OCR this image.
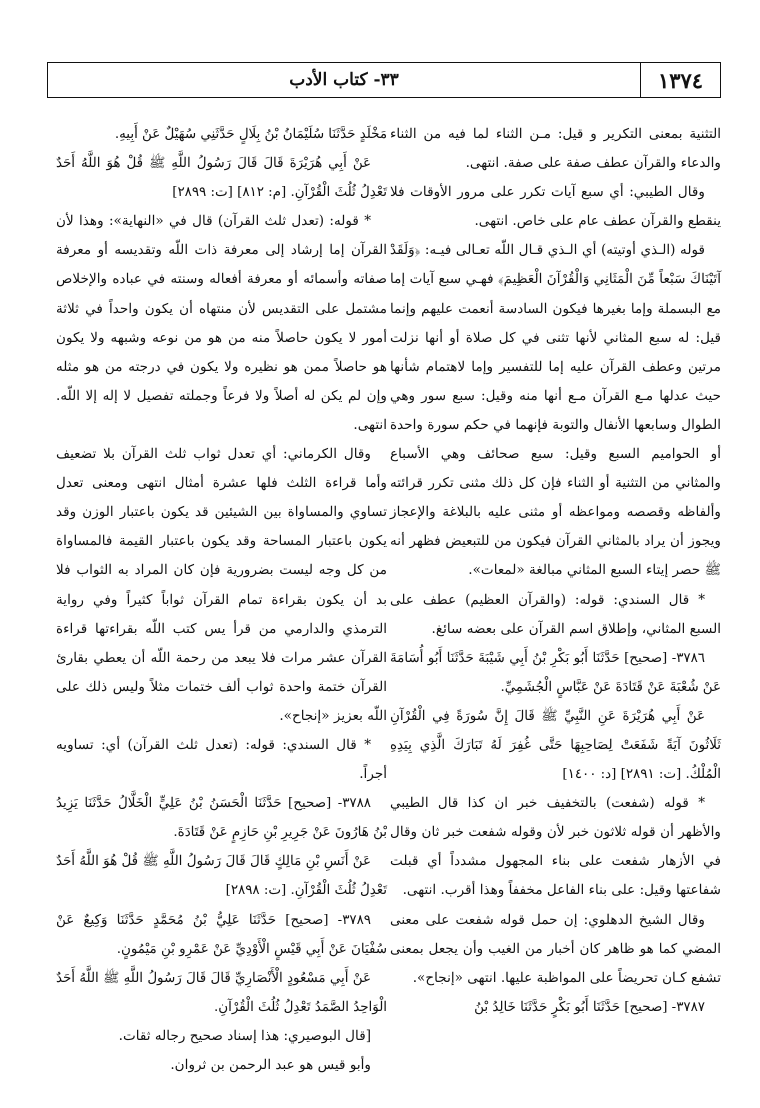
١٣٧٤
٣٣- كتاب الأدب

التثنية بمعنى التكرير و قيل: مـن الثناء لما فيه من الثناء والدعاء والقرآن عطف صفة على صفة. انتهى.

وقال الطيبي: أي سبع آيات تكرر على مرور الأوقات فلا ينقطع والقرآن عطف عام على خاص. انتهى.

قوله (الـذي أوتيته) أي الـذي قـال اللّه تعـالى فيـه: ﴿وَلَقَدْ آتَيْنَاكَ سَبْعاً مِّنَ الْمَثَانِي وَالْقُرْآنَ الْعَظِيمَ﴾ فهـي سبع آيات إما مع البسملة وإما بغيرها فيكون السادسة أنعمت عليهم وإنما قيل: له سبع المثاني لأنها تثنى في كل صلاة أو أنها نزلت مرتين وعطف القرآن عليه إما للتفسير وإما لاهتمام شأنها حيث عدلها مـع القرآن مـع أنها منه وقيل: سبع سور وهي الطوال وسابعها الأنفال والتوبة فإنهما في حكم سورة واحدة أو الحواميم السبع وقيل: سبع صحائف وهي الأسباع والمثاني من التثنية أو الثناء فإن كل ذلك مثنى تكرر قرائته وألفاظه وقصصه ومواعظه أو مثنى عليه بالبلاغة والإعجاز ويجوز أن يراد بالمثاني القرآن فيكون من للتبعيض فظهر أنه ﷺ حصر إيتاء السبع المثاني مبالغة «لمعات».

* قال السندي: قوله: (والقرآن العظيم) عطف على السبع المثاني، وإطلاق اسم القرآن على بعضه سائغ.

٣٧٨٦- [صحيح] حَدَّثَنَا أَبُو بَكْرِ بْنُ أَبِي شَيْبَةَ حَدَّثَنَا أَبُو أُسَامَةَ عَنْ شُعْبَةَ عَنْ قَتَادَةَ عَنْ عَبَّاسٍ الْجُشَمِيِّ.

عَنْ أَبِي هُرَيْرَةَ عَنِ النَّبِيِّ ﷺ قَالَ إِنَّ سُورَةً فِي الْقُرْآنِ ثَلَاثُونَ آيَةً شَفَعَتْ لِصَاحِبِهَا حَتَّى غُفِرَ لَهُ تَبَارَكَ الَّذِي بِيَدِهِ الْمُلْكُ. [ت: ٢٨٩١] [د: ١٤٠٠]

* قوله (شفعت) بالتخفيف خبر ان كذا قال الطيبي والأظهر أن قوله ثلاثون خبر لأن وقوله شفعت خبر ثان وقال في الأزهار شفعت على بناء المجهول مشدداً أي قبلت شفاعتها وقيل: على بناء الفاعل مخففاً وهذا أقرب. انتهى.

وقال الشيخ الدهلوي: إن حمل قوله شفعت على معنى المضي كما هو ظاهر كان أخبار من الغيب وأن يجعل بمعنى تشفع كـان تحريضاً على المواظبة عليها. انتهى «إنجاح».

٣٧٨٧- [صحيح] حَدَّثَنَا أَبُو بَكْرٍ حَدَّثَنَا خَالِدُ بْنُ

مَخْلَدٍ حَدَّثَنَا سُلَيْمَانُ بْنُ بِلَالٍ حَدَّثَنِي سُهَيْلٌ عَنْ أَبِيهِ.

عَنْ أَبِي هُرَيْرَةَ قَالَ قَالَ رَسُولُ اللَّهِ ﷺ قُلْ هُوَ اللَّهُ أَحَدٌ تَعْدِلُ ثُلُثَ الْقُرْآنِ. [م: ٨١٢] [ت: ٢٨٩٩]

* قوله: (تعدل ثلث القرآن) قال في «النهاية»: وهذا لأن القرآن إما إرشاد إلى معرفة ذات اللّه وتقديسه أو معرفة صفاته وأسمائه أو معرفة أفعاله وسنته في عباده والإخلاص مشتمل على التقديس لأن منتهاه أن يكون واحداً في ثلاثة أمور لا يكون حاصلاً منه من هو من نوعه وشبهه ولا يكون هو حاصلاً ممن هو نظيره ولا يكون في درجته من هو مثله وإن لم يكن له أصلاً ولا فرعاً وجملته تفصيل لا إله إلا اللّه. انتهى.

وقال الكرماني: أي تعدل ثواب ثلث القرآن بلا تضعيف وأما قراءة الثلث فلها عشرة أمثال انتهى ومعنى تعدل تساوي والمساواة بين الشيئين قد يكون باعتبار الوزن وقد يكون باعتبار المساحة وقد يكون باعتبار القيمة فالمساواة من كل وجه ليست بضرورية فإن كان المراد به الثواب فلا بد أن يكون بقراءة تمام القرآن ثواباً كثيراً وفي رواية الترمذي والدارمي من قرأ يس كتب اللّه بقراءتها قراءة القرآن عشر مرات فلا يبعد من رحمة اللّه أن يعطي بقارئ القرآن ختمة واحدة ثواب ألف ختمات مثلاً وليس ذلك على اللّه بعزيز «إنجاح».

* قال السندي: قوله: (تعدل ثلث القرآن) أي: تساويه أجراً.

٣٧٨٨- [صحيح] حَدَّثَنَا الْحَسَنُ بْنُ عَلِيٍّ الْخَلَّالُ حَدَّثَنَا يَزِيدُ بْنُ هَارُونَ عَنْ جَرِيرِ بْنِ حَازِمٍ عَنْ قَتَادَةَ.

عَنْ أَنَسِ بْنِ مَالِكٍ قَالَ قَالَ رَسُولُ اللَّهِ ﷺ قُلْ هُوَ اللَّهُ أَحَدٌ تَعْدِلُ ثُلُثَ الْقُرْآنِ. [ت: ٢٨٩٨]

٣٧٨٩- [صحيح] حَدَّثَنَا عَلِيُّ بْنُ مُحَمَّدٍ حَدَّثَنَا وَكِيعٌ عَنْ سُفْيَانَ عَنْ أَبِي قَيْسٍ الْأَوْدِيِّ عَنْ عَمْرِو بْنِ مَيْمُونٍ.

عَنْ أَبِي مَسْعُودٍ الْأَنْصَارِيِّ قَالَ قَالَ رَسُولُ اللَّهِ ﷺ اللَّهُ أَحَدٌ الْوَاحِدُ الصَّمَدُ تَعْدِلُ ثُلُثَ الْقُرْآنِ.

[قال البوصيري: هذا إسناد صحيح رجاله ثقات.

وأبو قيس هو عبد الرحمن بن ثروان.
